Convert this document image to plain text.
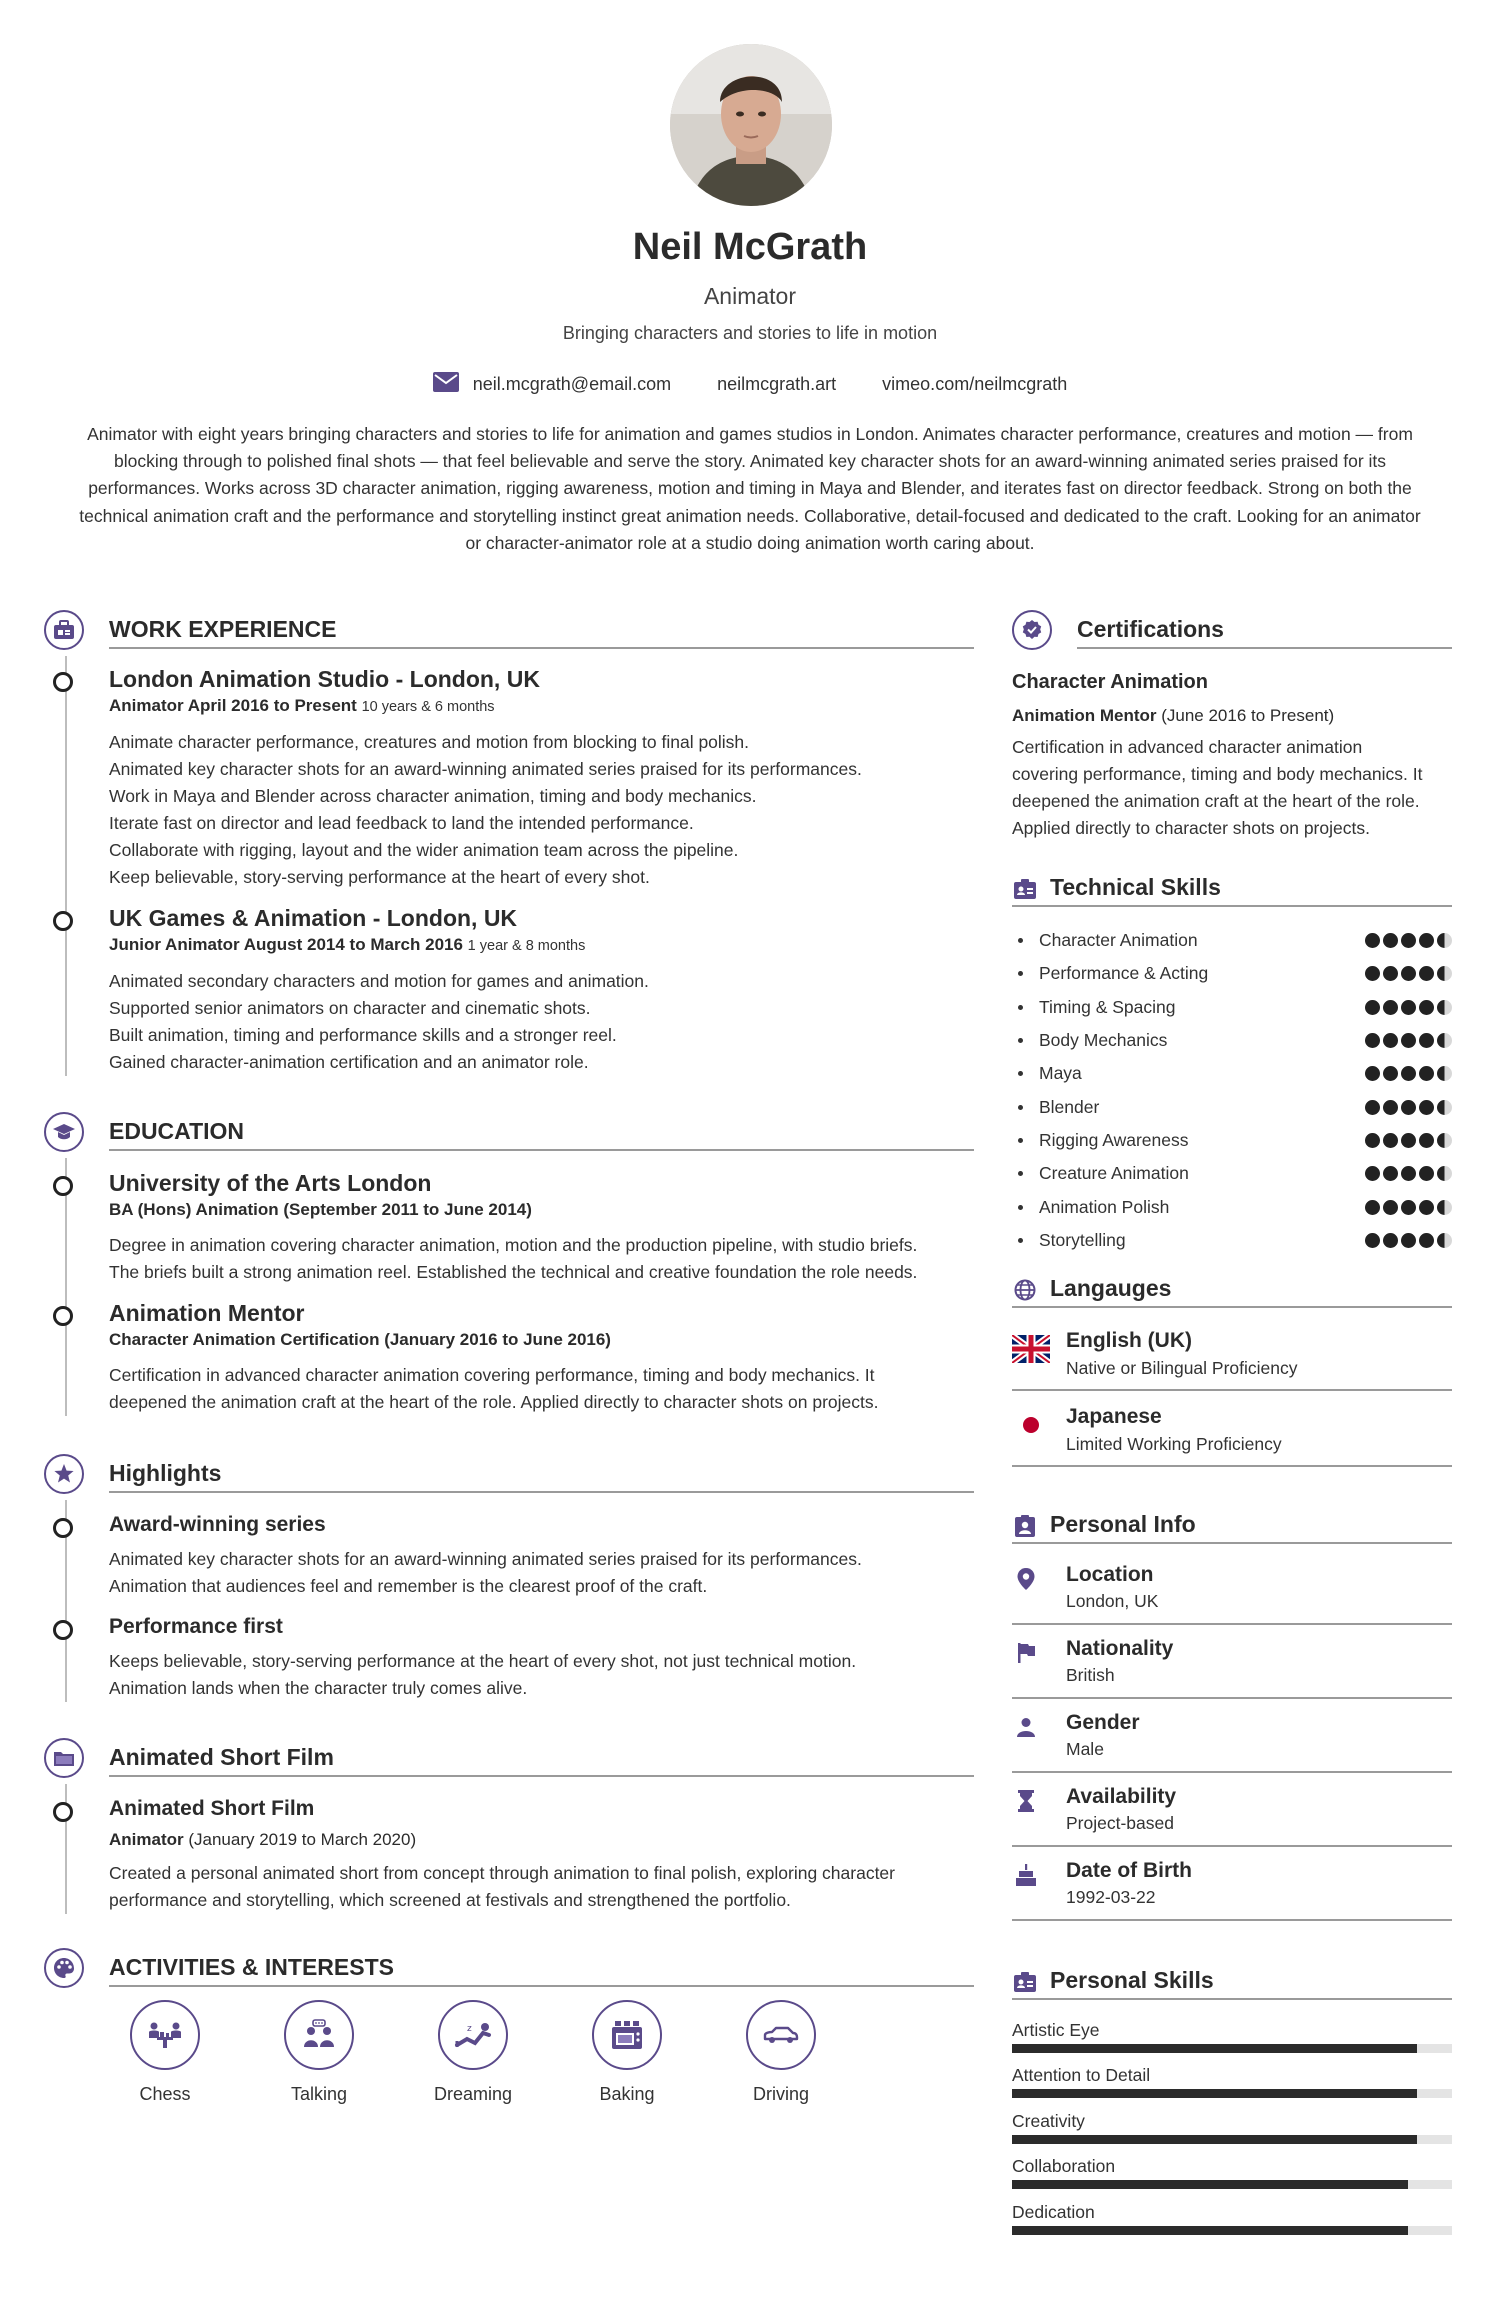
Neil McGrath
Animator
Bringing characters and stories to life in motion
neil.mcgrath@email.com	neilmcgrath.art	vimeo.com/neilmcgrath
Animator with eight years bringing characters and stories to life for animation and games studios in London. Animates character performance, creatures and motion — from blocking through to polished final shots — that feel believable and serve the story. Animated key character shots for an award-winning animated series praised for its performances. Works across 3D character animation, rigging awareness, motion and timing in Maya and Blender, and iterates fast on director feedback. Strong on both the technical animation craft and the performance and storytelling instinct great animation needs. Collaborative, detail-focused and dedicated to the craft. Looking for an animator or character-animator role at a studio doing animation worth caring about.
WORK EXPERIENCE
London Animation Studio - London, UK
Animator April 2016 to Present 10 years & 6 months
Animate character performance, creatures and motion from blocking to final polish.
Animated key character shots for an award-winning animated series praised for its performances.
Work in Maya and Blender across character animation, timing and body mechanics.
Iterate fast on director and lead feedback to land the intended performance.
Collaborate with rigging, layout and the wider animation team across the pipeline.
Keep believable, story-serving performance at the heart of every shot.
UK Games & Animation - London, UK
Junior Animator August 2014 to March 2016 1 year & 8 months
Animated secondary characters and motion for games and animation.
Supported senior animators on character and cinematic shots.
Built animation, timing and performance skills and a stronger reel.
Gained character-animation certification and an animator role.
EDUCATION
University of the Arts London
BA (Hons) Animation (September 2011 to June 2014)
Degree in animation covering character animation, motion and the production pipeline, with studio briefs.
The briefs built a strong animation reel. Established the technical and creative foundation the role needs.
Animation Mentor
Character Animation Certification (January 2016 to June 2016)
Certification in advanced character animation covering performance, timing and body mechanics. It
deepened the animation craft at the heart of the role. Applied directly to character shots on projects.
Highlights
Award-winning series
Animated key character shots for an award-winning animated series praised for its performances.
Animation that audiences feel and remember is the clearest proof of the craft.
Performance first
Keeps believable, story-serving performance at the heart of every shot, not just technical motion.
Animation lands when the character truly comes alive.
Animated Short Film
Animated Short Film
Animator (January 2019 to March 2020)
Created a personal animated short from concept through animation to final polish, exploring character
performance and storytelling, which screened at festivals and strengthened the portfolio.
ACTIVITIES & INTERESTS
Chess	Talking
z
Dreaming	Baking	Driving
Certifications
Character Animation
Animation Mentor (June 2016 to Present)
Certification in advanced character animation
covering performance, timing and body mechanics. It
deepened the animation craft at the heart of the role.
Applied directly to character shots on projects.
Technical Skills
Character Animation
Performance & Acting
Timing & Spacing
Body Mechanics
Maya
Blender
Rigging Awareness
Creature Animation
Animation Polish
Storytelling
Langauges
English (UK)
Native or Bilingual Proficiency
Japanese
Limited Working Proficiency
Personal Info
Location
London, UK
Nationality
British
Gender
Male
Availability
Project-based
Date of Birth
1992-03-22
Personal Skills
Artistic Eye
Attention to Detail
Creativity
Collaboration
Dedication
